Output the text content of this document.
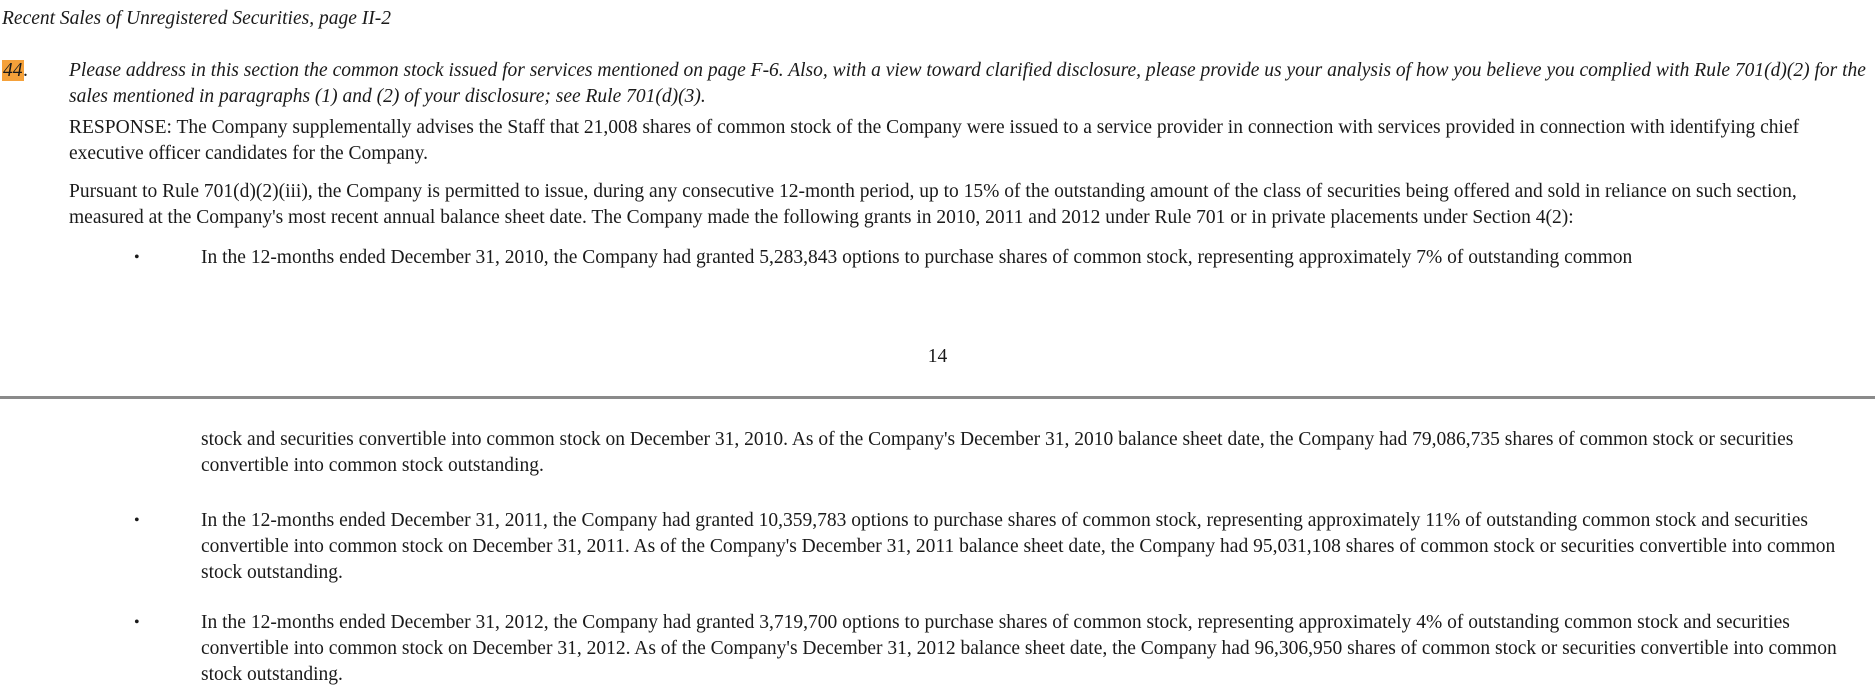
Recent Sales of Unregistered Securities, page II-2
44. Please address in this section the common stock issued for services mentioned on page F-6. Also, with a view toward clarified disclosure, please provide us your analysis of how you believe you complied with Rule 701(d)(2) for the sales mentioned in paragraphs (1) and (2) of your disclosure; see Rule 701(d)(3).
RESPONSE: The Company supplementally advises the Staff that 21,008 shares of common stock of the Company were issued to a service provider in connection with services provided in connection with identifying chief executive officer candidates for the Company.
Pursuant to Rule 701(d)(2)(iii), the Company is permitted to issue, during any consecutive 12-month period, up to 15% of the outstanding amount of the class of securities being offered and sold in reliance on such section, measured at the Company's most recent annual balance sheet date. The Company made the following grants in 2010, 2011 and 2012 under Rule 701 or in private placements under Section 4(2):
•	In the 12-months ended December 31, 2010, the Company had granted 5,283,843 options to purchase shares of common stock, representing approximately 7% of outstanding common
14
stock and securities convertible into common stock on December 31, 2010. As of the Company's December 31, 2010 balance sheet date, the Company had 79,086,735 shares of common stock or securities convertible into common stock outstanding.
•	In the 12-months ended December 31, 2011, the Company had granted 10,359,783 options to purchase shares of common stock, representing approximately 11% of outstanding common stock and securities convertible into common stock on December 31, 2011. As of the Company's December 31, 2011 balance sheet date, the Company had 95,031,108 shares of common stock or securities convertible into common stock outstanding.
•	In the 12-months ended December 31, 2012, the Company had granted 3,719,700 options to purchase shares of common stock, representing approximately 4% of outstanding common stock and securities convertible into common stock on December 31, 2012. As of the Company's December 31, 2012 balance sheet date, the Company had 96,306,950 shares of common stock or securities convertible into common stock outstanding.
